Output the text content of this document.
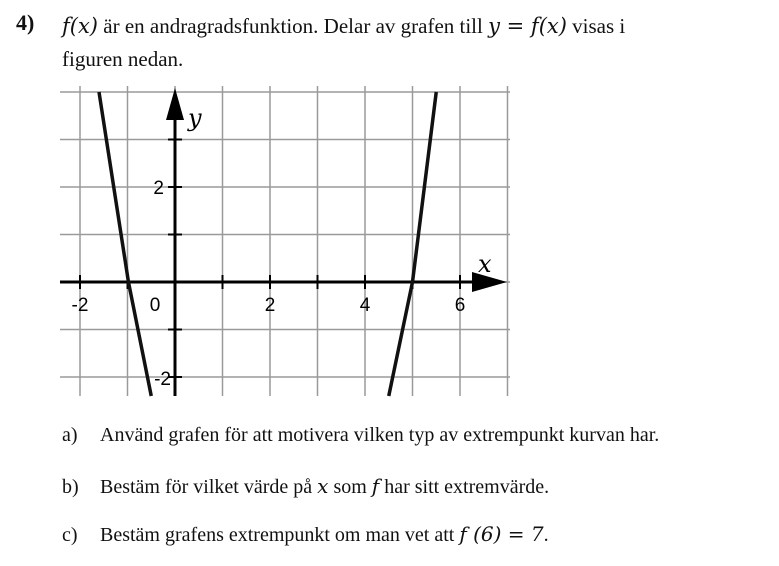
4) f(x) är en andragradsfunktion. Delar av grafen till y = f(x) visas i
figuren nedan.
x
y
-2	0	2	4	6
2
-2
a) Använd grafen för att motivera vilken typ av extrempunkt kurvan har.
b) Bestäm för vilket värde på x som f har sitt extremvärde.
c) Bestäm grafens extrempunkt om man vet att f (6) = 7.
